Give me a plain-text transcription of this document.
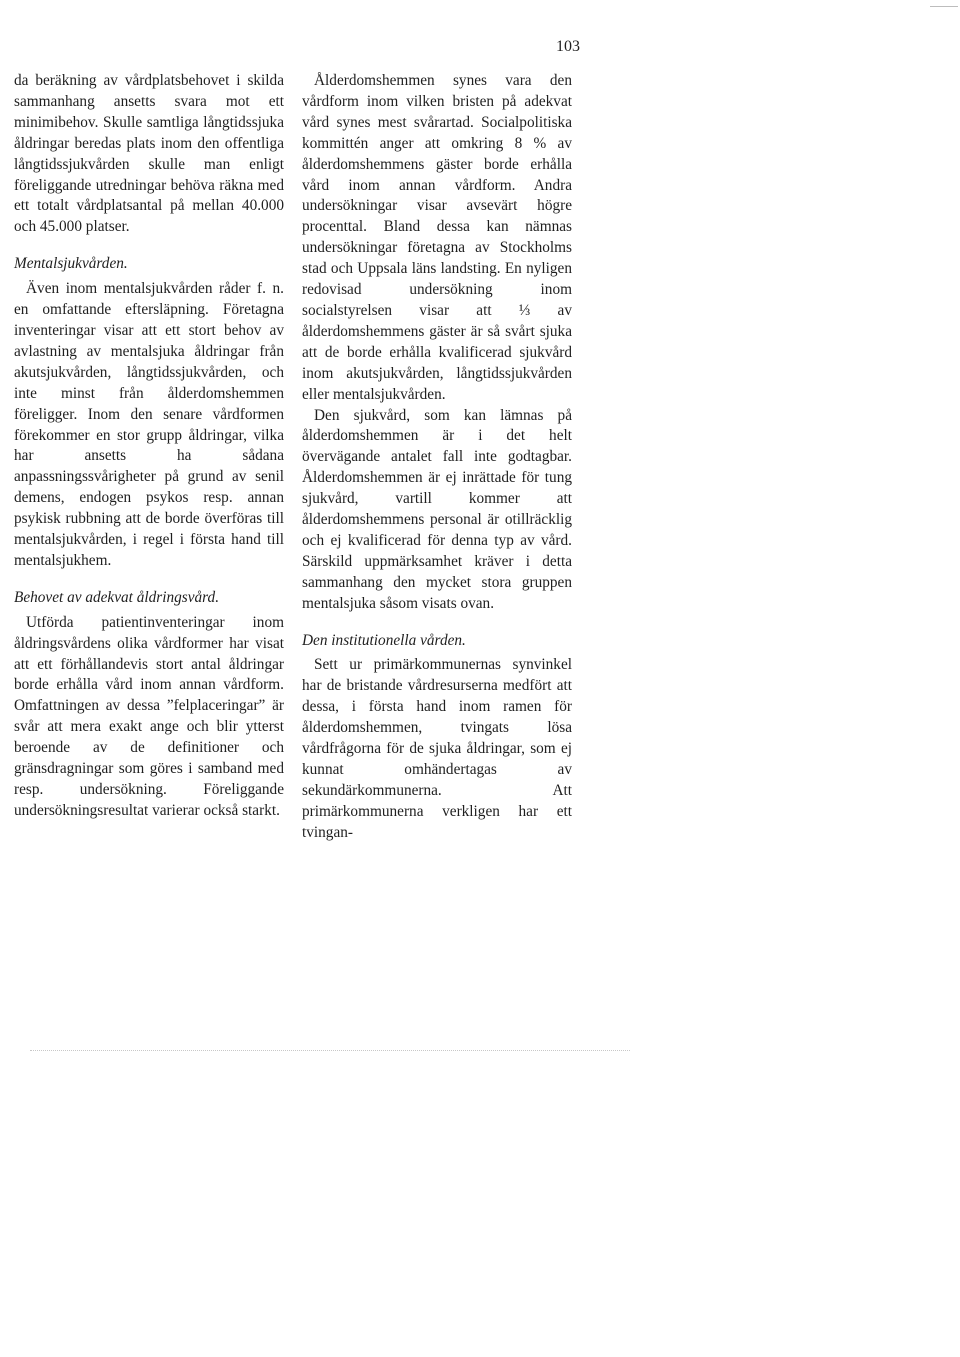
103

da beräkning av vårdplatsbehovet i skilda sammanhang ansetts svara mot ett minimibehov. Skulle samtliga långtidssjuka åldringar beredas plats inom den offentliga långtidssjukvården skulle man enligt föreliggande utredningar behöva räkna med ett totalt vårdplatsantal på mellan 40.000 och 45.000 platser.

Mentalsjukvården.

Även inom mentalsjukvården råder f. n. en omfattande eftersläpning. Företagna inventeringar visar att ett stort behov av avlastning av mentalsjuka åldringar från akutsjukvården, långtidssjukvården, och inte minst från ålderdomshemmen föreligger. Inom den senare vårdformen förekommer en stor grupp åldringar, vilka har ansetts ha sådana anpassningssvårigheter på grund av senil demens, endogen psykos resp. annan psykisk rubbning att de borde överföras till mentalsjukvården, i regel i första hand till mentalsjukhem.

Behovet av adekvat åldringsvård.

Utförda patientinventeringar inom åldringsvårdens olika vårdformer har visat att ett förhållandevis stort antal åldringar borde erhålla vård inom annan vårdform. Omfattningen av dessa ”felplaceringar” är svår att mera exakt ange och blir ytterst beroende av de definitioner och gränsdragningar som göres i samband med resp. undersökning. Föreliggande undersökningsresultat varierar också starkt.

Ålderdomshemmen synes vara den vårdform inom vilken bristen på adekvat vård synes mest svårartad. Socialpolitiska kommittén anger att omkring 8 % av ålderdomshemmens gäster borde erhålla vård inom annan vårdform. Andra undersökningar visar avsevärt högre procenttal. Bland dessa kan nämnas undersökningar företagna av Stockholms stad och Uppsala läns landsting. En nyligen redovisad undersökning inom socialstyrelsen visar att ⅓ av ålderdomshemmens gäster är så svårt sjuka att de borde erhålla kvalificerad sjukvård inom akutsjukvården, långtidssjukvården eller mentalsjukvården.

Den sjukvård, som kan lämnas på ålderdomshemmen är i det helt övervägande antalet fall inte godtagbar. Ålderdomshemmen är ej inrättade för tung sjukvård, vartill kommer att ålderdomshemmens personal är otillräcklig och ej kvalificerad för denna typ av vård. Särskild uppmärksamhet kräver i detta sammanhang den mycket stora gruppen mentalsjuka såsom visats ovan.

Den institutionella vården.

Sett ur primärkommunernas synvinkel har de bristande vårdresurserna medfört att dessa, i första hand inom ramen för ålderdomshemmen, tvingats lösa vårdfrågorna för de sjuka åldringar, som ej kunnat omhändertagas av sekundärkommunerna. Att primärkommunerna verkligen har ett tvingan-
